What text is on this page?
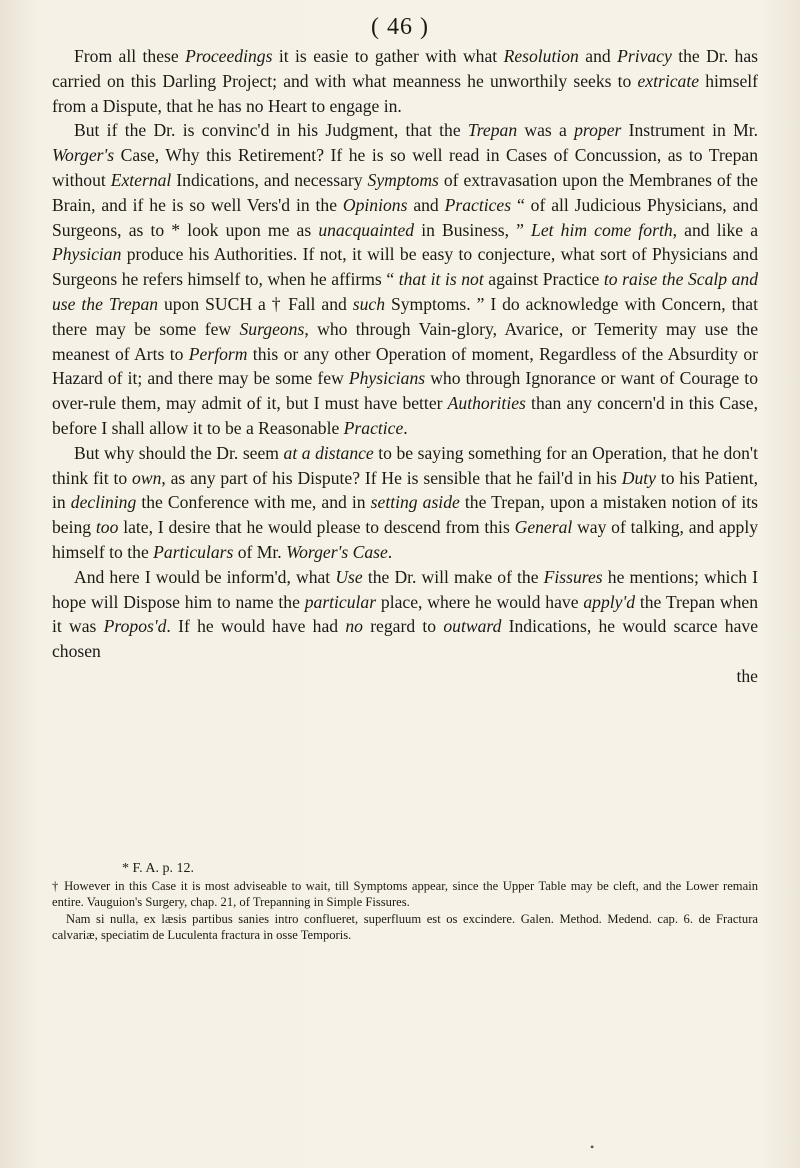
( 46 )

From all these Proceedings it is easie to gather with what Resolution and Privacy the Dr. has carried on this Darling Project; and with what meanness he unworthily seeks to extricate himself from a Dispute, that he has no Heart to engage in.

But if the Dr. is convinc'd in his Judgment, that the Trepan was a proper Instrument in Mr. Worger's Case, Why this Retirement? If he is so well read in Cases of Concussion, as to Trepan without External Indications, and necessary Symptoms of extravasation upon the Membranes of the Brain, and if he is so well Vers'd in the Opinions and Practices “ of all Judicious Physicians, and Surgeons, as to * look upon me as unacquainted in Business, ” Let him come forth, and like a Physician produce his Authorities. If not, it will be easy to conjecture, what sort of Physicians and Surgeons he refers himself to, when he affirms “ that it is not against Practice to raise the Scalp and use the Trepan upon SUCH a † Fall and such Symptoms. ” I do acknowledge with Concern, that there may be some few Surgeons, who through Vain-glory, Avarice, or Temerity may use the meanest of Arts to Perform this or any other Operation of moment, Regardless of the Absurdity or Hazard of it; and there may be some few Physicians who through Ignorance or want of Courage to over-rule them, may admit of it, but I must have better Authorities than any concern'd in this Case, before I shall allow it to be a Reasonable Practice.

But why should the Dr. seem at a distance to be saying something for an Operation, that he don't think fit to own, as any part of his Dispute? If He is sensible that he fail'd in his Duty to his Patient, in declining the Conference with me, and in setting aside the Trepan, upon a mistaken notion of its being too late, I desire that he would please to descend from this General way of talking, and apply himself to the Particulars of Mr. Worger's Case.

And here I would be inform'd, what Use the Dr. will make of the Fissures he mentions; which I hope will Dispose him to name the particular place, where he would have apply'd the Trepan when it was Propos'd. If he would have had no regard to outward Indications, he would scarce have chosen

the

* F. A. p. 12.

† However in this Case it is most adviseable to wait, till Symptoms appear, since the Upper Table may be cleft, and the Lower remain entire. Vauguion's Surgery, chap. 21, of Trepanning in Simple Fissures.

Nam si nulla, ex læsis partibus sanies intro conflueret, superfluum est os excindere. Galen. Method. Medend. cap. 6. de Fractura calvariæ, speciatim de Luculenta fractura in osse Temporis.

•
